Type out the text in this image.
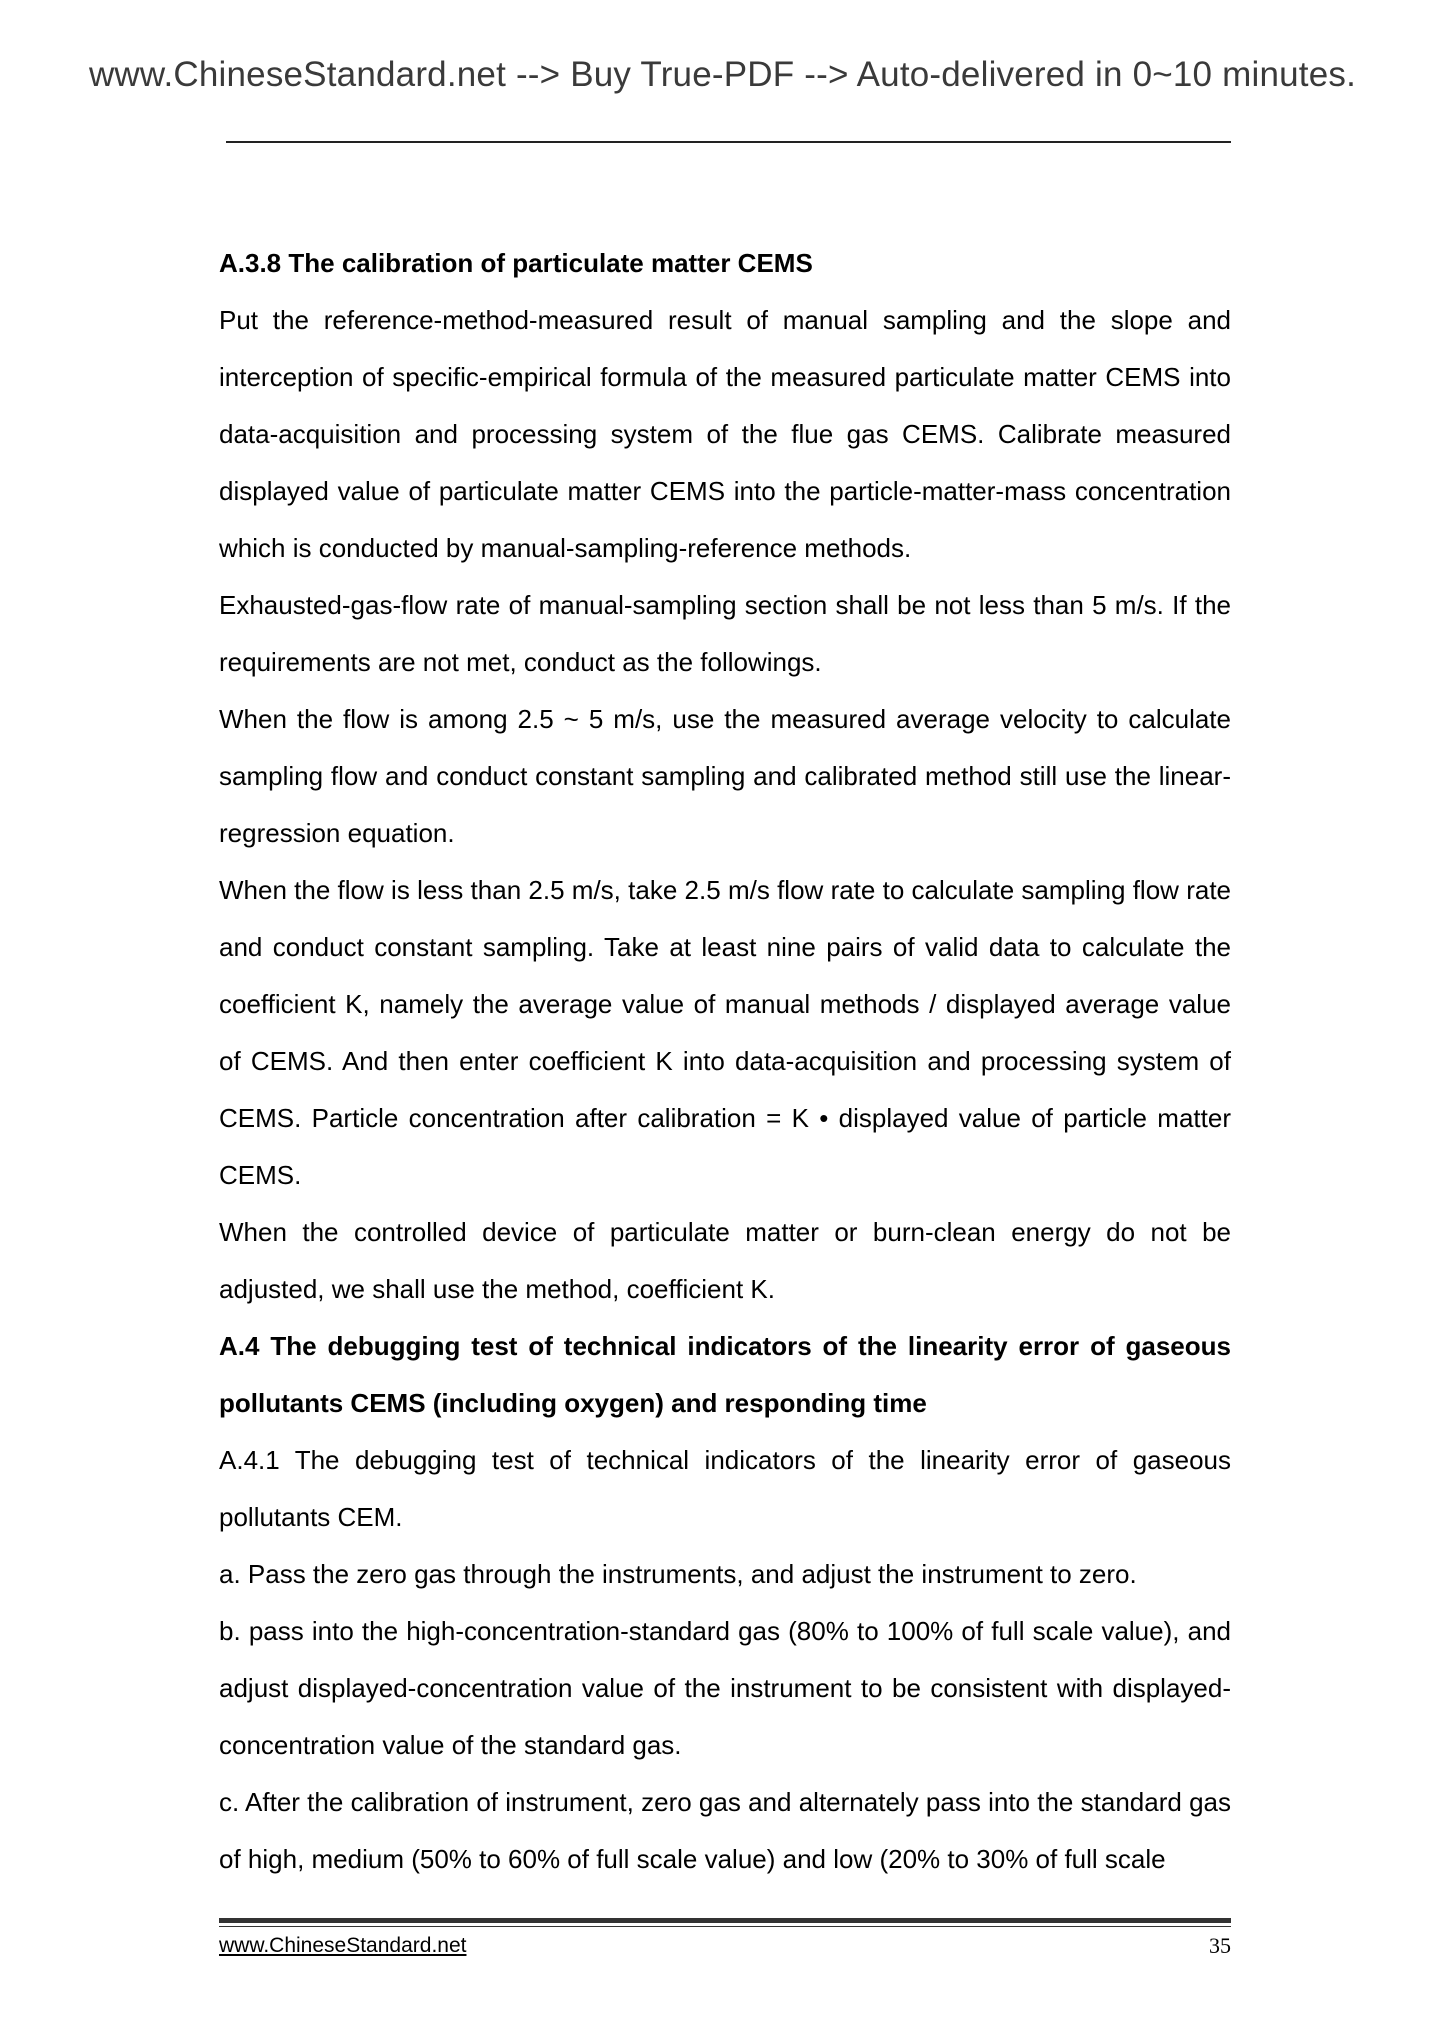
www.ChineseStandard.net --> Buy True-PDF --> Auto-delivered in 0~10 minutes.

A.3.8 The calibration of particulate matter CEMS

Put the reference-method-measured result of manual sampling and the slope and interception of specific-empirical formula of the measured particulate matter CEMS into data-acquisition and processing system of the flue gas CEMS. Calibrate measured displayed value of particulate matter CEMS into the particle-matter-mass concentration which is conducted by manual-sampling-reference methods.

Exhausted-gas-flow rate of manual-sampling section shall be not less than 5 m/s. If the requirements are not met, conduct as the followings.

When the flow is among 2.5 ~ 5 m/s, use the measured average velocity to calculate sampling flow and conduct constant sampling and calibrated method still use the linear-regression equation.

When the flow is less than 2.5 m/s, take 2.5 m/s flow rate to calculate sampling flow rate and conduct constant sampling. Take at least nine pairs of valid data to calculate the coefficient K, namely the average value of manual methods / displayed average value of CEMS. And then enter coefficient K into data-acquisition and processing system of CEMS. Particle concentration after calibration = K • displayed value of particle matter CEMS.

When the controlled device of particulate matter or burn-clean energy do not be adjusted, we shall use the method, coefficient K.

A.4 The debugging test of technical indicators of the linearity error of gaseous pollutants CEMS (including oxygen) and responding time

A.4.1 The debugging test of technical indicators of the linearity error of gaseous pollutants CEM.

a. Pass the zero gas through the instruments, and adjust the instrument to zero.

b. pass into the high-concentration-standard gas (80% to 100% of full scale value), and adjust displayed-concentration value of the instrument to be consistent with displayed-concentration value of the standard gas.

c. After the calibration of instrument, zero gas and alternately pass into the standard gas of high, medium (50% to 60% of full scale value) and low (20% to 30% of full scale

www.ChineseStandard.net	35
